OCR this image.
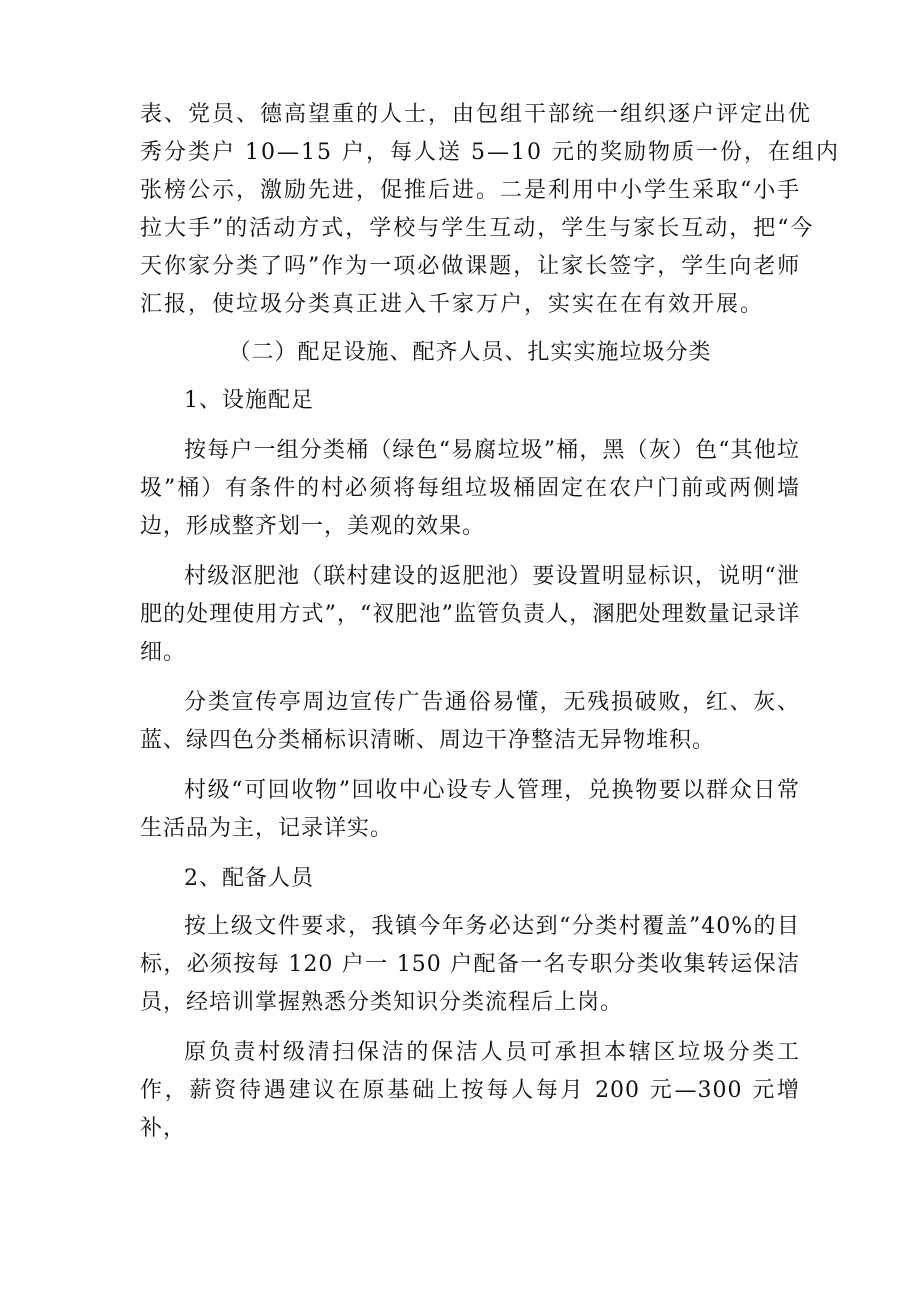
表、党员、德高望重的人士，由包组干部统一组织逐户评定出优
秀分类户 10—15 户，每人送 5—10 元的奖励物质一份，在组内
张榜公示，激励先进，促推后进。二是利用中小学生采取“小手
拉大手”的活动方式，学校与学生互动，学生与家长互动，把“今
天你家分类了吗”作为一项必做课题，让家长签字，学生向老师
汇报，使垃圾分类真正进入千家万户，实实在在有效开展。

（二）配足设施、配齐人员、扎实实施垃圾分类

1、设施配足

按每户一组分类桶（绿色“易腐垃圾”桶，黑（灰）色“其他垃圾”桶）有条件的村必须将每组垃圾桶固定在农户门前或两侧墙边，形成整齐划一，美观的效果。

村级沤肥池（联村建设的返肥池）要设置明显标识，说明“泄肥的处理使用方式”，“衩肥池”监管负责人，溷肥处理数量记录详细。

分类宣传亭周边宣传广告通俗易懂，无残损破败，红、灰、蓝、绿四色分类桶标识清晰、周边干净整洁无异物堆积。

村级“可回收物”回收中心设专人管理，兑换物要以群众日常生活品为主，记录详实。

2、配备人员

按上级文件要求，我镇今年务必达到“分类村覆盖”40%的目标，必须按每 120 户一 150 户配备一名专职分类收集转运保洁员，经培训掌握熟悉分类知识分类流程后上岗。

原负责村级清扫保洁的保洁人员可承担本辖区垃圾分类工作，薪资待遇建议在原基础上按每人每月 200 元—300 元增补，
